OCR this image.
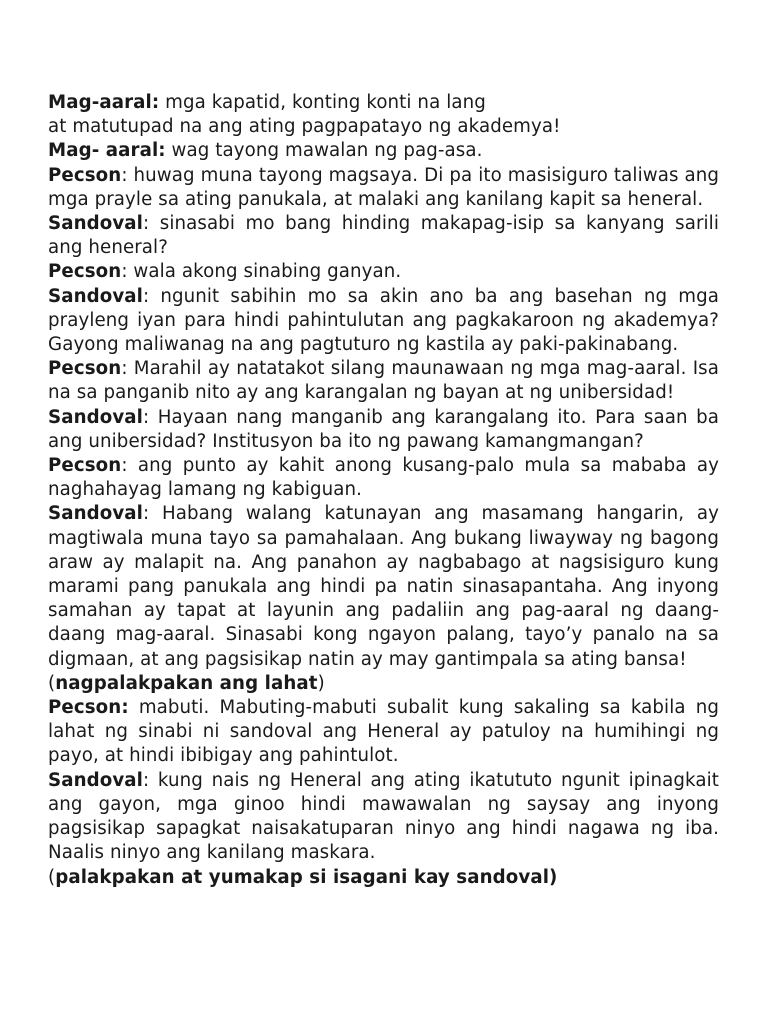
Mag-aaral: mga kapatid, konting konti na lang

at matutupad na ang ating pagpapatayo ng akademya!

Mag- aaral: wag tayong mawalan ng pag-asa.

Pecson: huwag muna tayong magsaya. Di pa ito masisiguro taliwas ang mga prayle sa ating panukala, at malaki ang kanilang kapit sa heneral.

Sandoval: sinasabi mo bang hinding makapag-isip sa kanyang sarili ang heneral?

Pecson: wala akong sinabing ganyan.

Sandoval: ngunit sabihin mo sa akin ano ba ang basehan ng mga prayleng iyan para hindi pahintulutan ang pagkakaroon ng akademya? Gayong maliwanag na ang pagtuturo ng kastila ay paki-pakinabang.

Pecson: Marahil ay natatakot silang maunawaan ng mga mag-aaral. Isa na sa panganib nito ay ang karangalan ng bayan at ng unibersidad!

Sandoval: Hayaan nang manganib ang karangalang ito. Para saan ba ang unibersidad? Institusyon ba ito ng pawang kamangmangan?

Pecson: ang punto ay kahit anong kusang-palo mula sa mababa ay naghahayag lamang ng kabiguan.

Sandoval: Habang walang katunayan ang masamang hangarin, ay magtiwala muna tayo sa pamahalaan. Ang bukang liwayway ng bagong araw ay malapit na. Ang panahon ay nagbabago at nagsisiguro kung marami pang panukala ang hindi pa natin sinasapantaha. Ang inyong samahan ay tapat at layunin ang padaliin ang pag-aaral ng daang-daang mag-aaral. Sinasabi kong ngayon palang, tayo’y panalo na sa digmaan, at ang pagsisikap natin ay may gantimpala sa ating bansa!

(nagpalakpakan ang lahat)

Pecson: mabuti. Mabuting-mabuti subalit kung sakaling sa kabila ng lahat ng sinabi ni sandoval ang Heneral ay patuloy na humihingi ng payo, at hindi ibibigay ang pahintulot.

Sandoval: kung nais ng Heneral ang ating ikatututo ngunit ipinagkait ang gayon, mga ginoo hindi mawawalan ng saysay ang inyong pagsisikap sapagkat naisakatuparan ninyo ang hindi nagawa ng iba. Naalis ninyo ang kanilang maskara.

(palakpakan at yumakap si isagani kay sandoval)
